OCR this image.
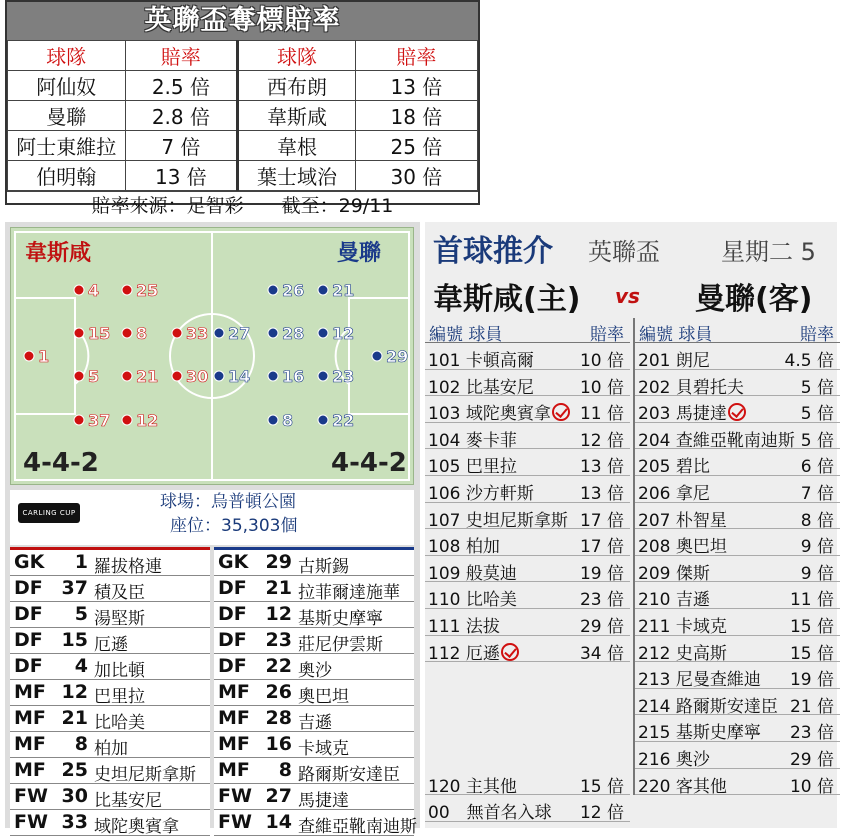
英聯盃奪標賠率
球隊	賠率	球隊	賠率
阿仙奴	2.5 倍	西布朗	13 倍
曼聯	2.8 倍	韋斯咸	18 倍
阿士東維拉	7 倍	韋根	25 倍
伯明翰	13 倍	葉士域治	30 倍
賠率來源：足智彩　　截至：29/11
1
4 25
15 8 33
5 21 30
37 12
27
26 21
28 12
29
14 16 23
8 22
韋斯咸	曼聯
4-4-2	4-4-2
CARLING CUP
球場：烏普頓公園
座位：35,303個
GK	1 羅拔格連
DF 37 積及臣
DF	5 湯堅斯
DF 15 厄遜
DF	4 加比頓
MF 12 巴里拉
MF 21 比哈美
MF	8 柏加
MF 25 史坦尼斯拿斯
FW 30 比基安尼
FW 33 域陀奧賓拿
GK 29 古斯錫
DF 21 拉菲爾達施華
DF 12 基斯史摩寧
DF 23 莊尼伊雲斯
DF 22 奧沙
MF 26 奧巴坦
MF 28 吉遜
MF 16 卡域克
MF	8 路爾斯安達臣
FW 27 馬捷達
FW 14 查維亞靴南迪斯
首球推介 英聯盃	星期二 5
韋斯咸(主) vs 曼聯(客)
編號 球員	賠率
101 卡頓高爾	10 倍
102 比基安尼	10 倍
103 域陀奧賓拿	11 倍
104 麥卡菲	12 倍
105 巴里拉	13 倍
106 沙方軒斯	13 倍
107 史坦尼斯拿斯 17 倍
108 柏加	17 倍
109 般莫迪	19 倍
110 比哈美	23 倍
111 法拔	29 倍
112 厄遜	34 倍
120 主其他	15 倍
00　無首名入球 12 倍
編號 球員	賠率
201 朗尼	4.5 倍
202 貝碧托夫	5 倍
203 馬捷達	5 倍
204 查維亞靴南迪斯 5 倍
205 碧比	6 倍
206 拿尼	7 倍
207 朴智星	8 倍
208 奧巴坦	9 倍
209 傑斯	9 倍
210 吉遜	11 倍
211 卡域克	15 倍
212 史高斯	15 倍
213 尼曼查維迪 19 倍
214 路爾斯安達臣 21 倍
215 基斯史摩寧 23 倍
216 奧沙	29 倍
220 客其他	10 倍
